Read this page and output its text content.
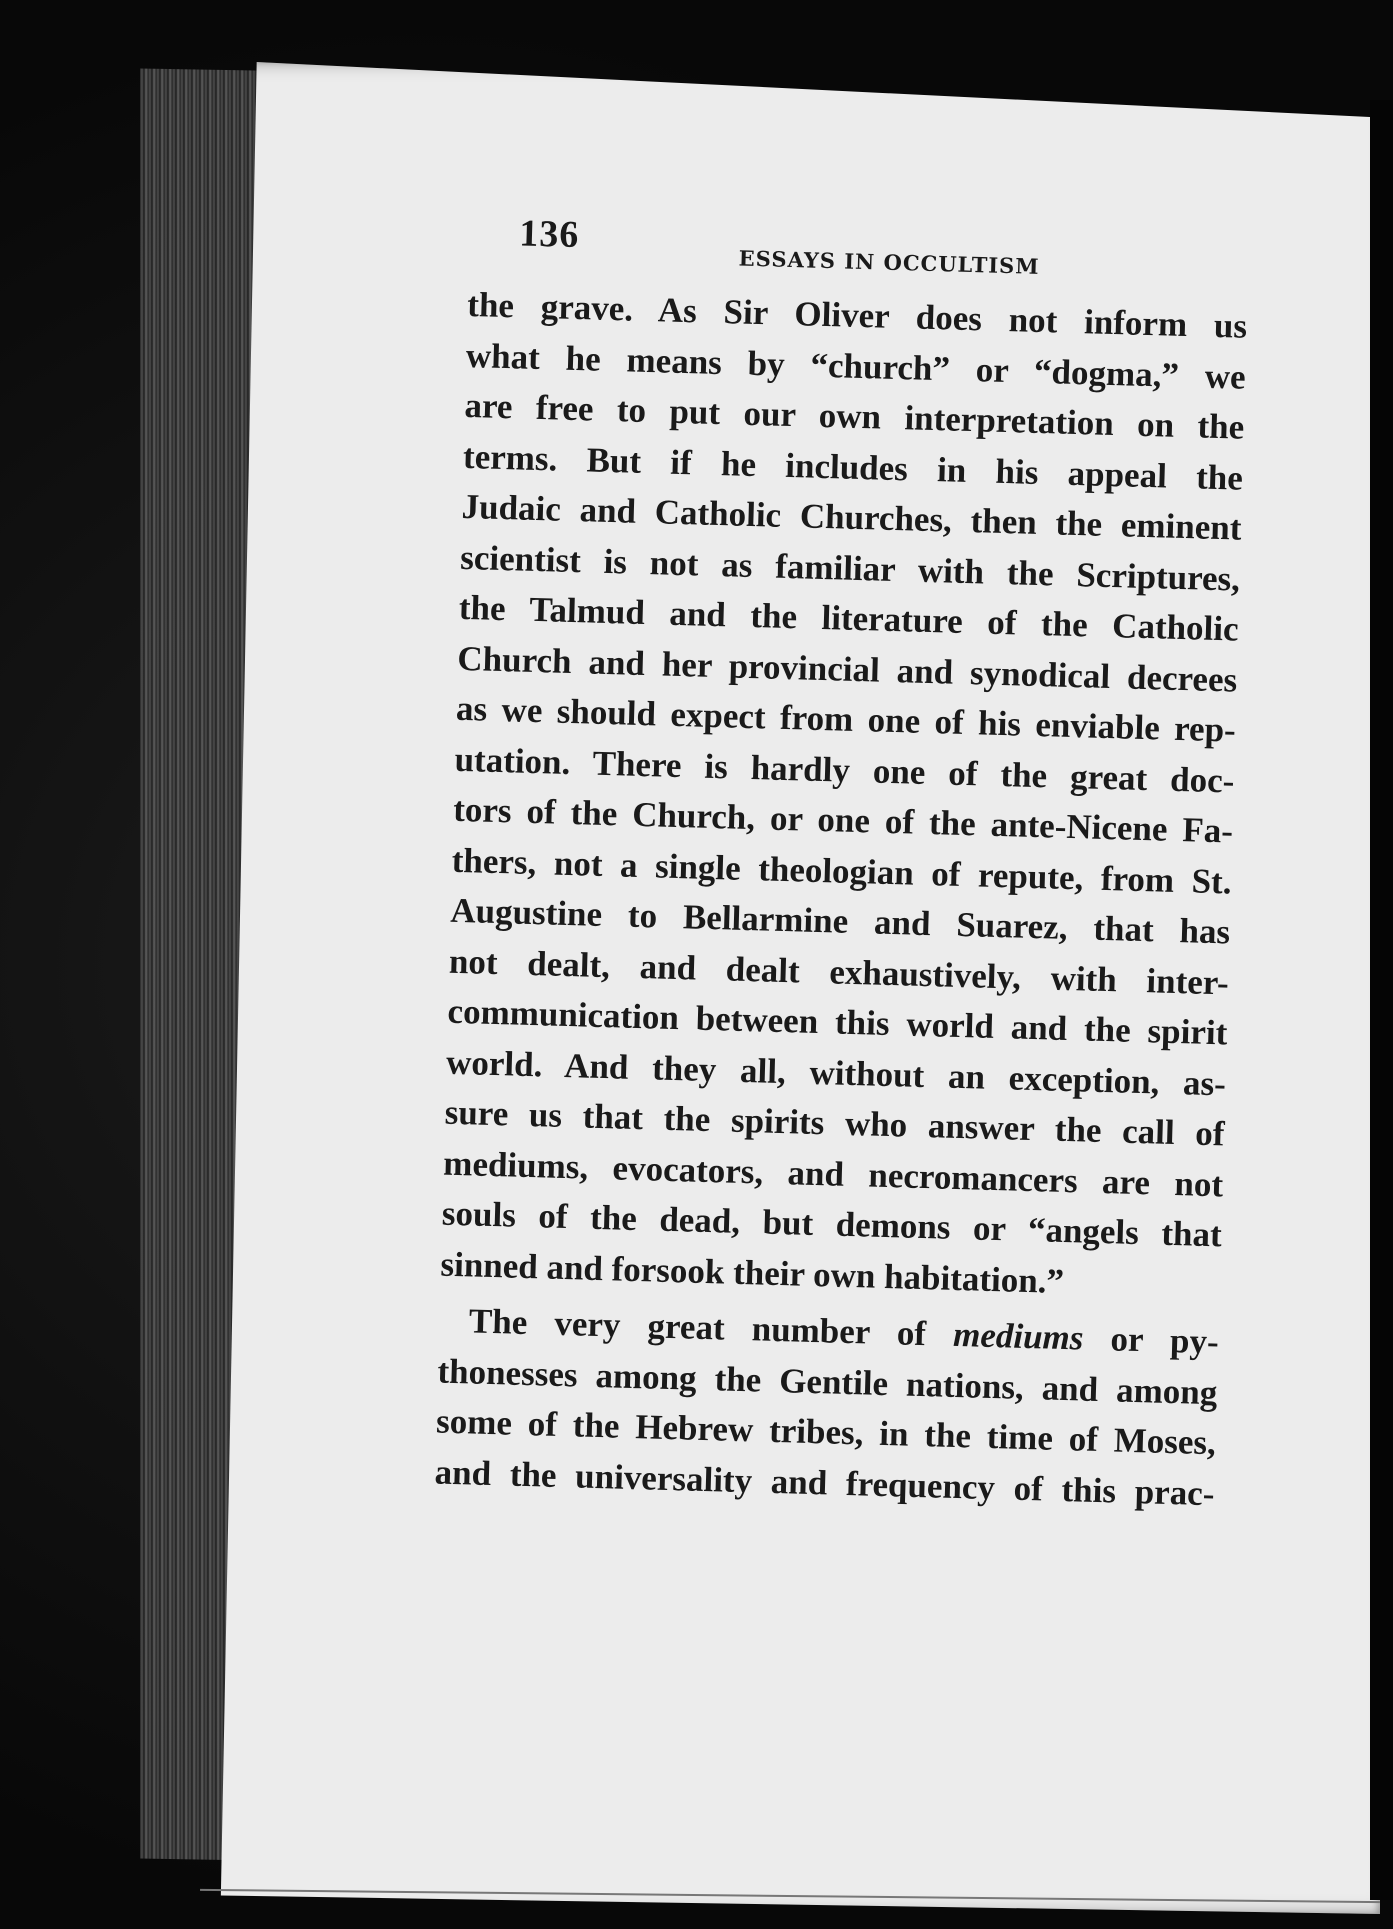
136
ESSAYS IN OCCULTISM
the grave. As Sir Oliver does not inform us
what he means by “church” or “dogma,” we
are free to put our own interpretation on the
terms. But if he includes in his appeal the
Judaic and Catholic Churches, then the eminent
scientist is not as familiar with the Scriptures,
the Talmud and the literature of the Catholic
Church and her provincial and synodical decrees
as we should expect from one of his enviable rep-
utation. There is hardly one of the great doc-
tors of the Church, or one of the ante-Nicene Fa-
thers, not a single theologian of repute, from St.
Augustine to Bellarmine and Suarez, that has
not dealt, and dealt exhaustively, with inter-
communication between this world and the spirit
world. And they all, without an exception, as-
sure us that the spirits who answer the call of
mediums, evocators, and necromancers are not
souls of the dead, but demons or “angels that
sinned and forsook their own habitation.”
The very great number of mediums or py-
thonesses among the Gentile nations, and among
some of the Hebrew tribes, in the time of Moses,
and the universality and frequency of this prac-
